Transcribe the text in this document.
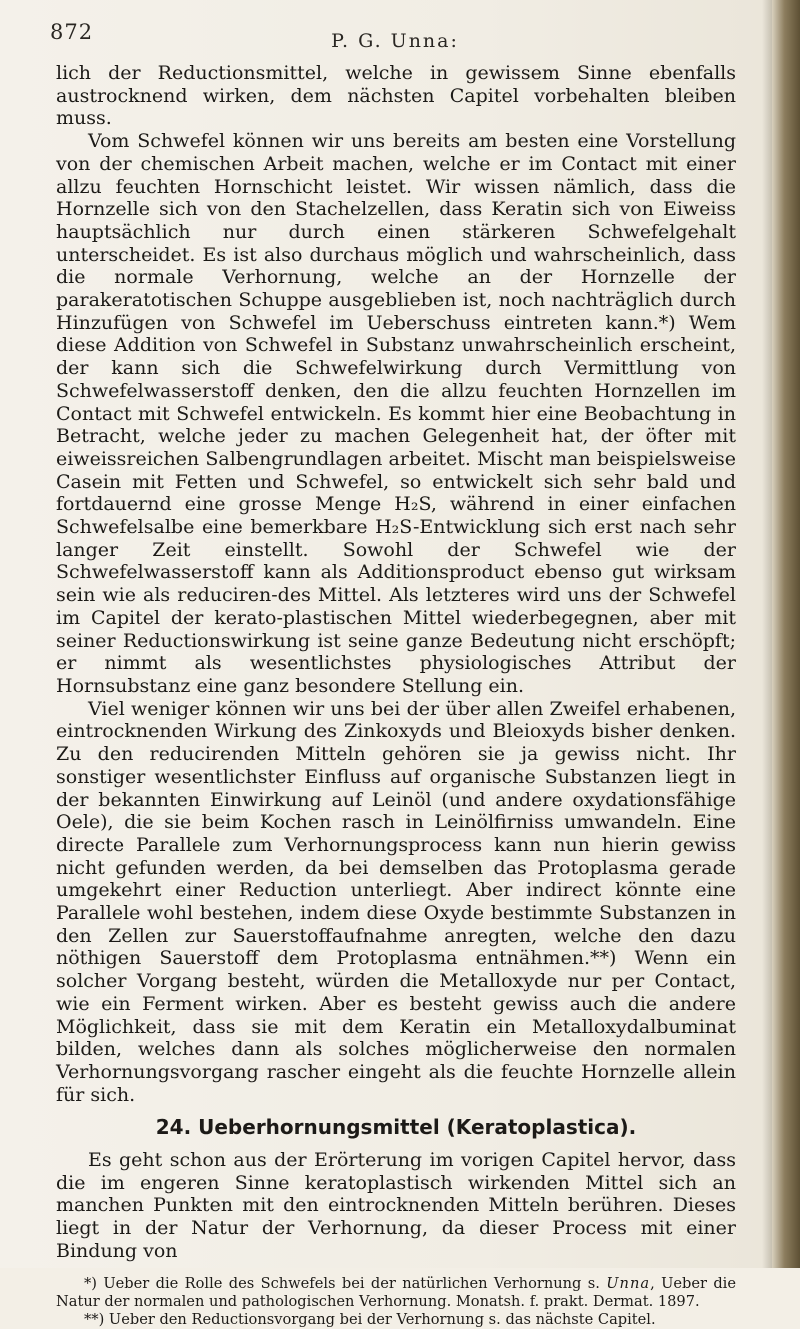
872	P. G. Unna:

lich der Reductionsmittel, welche in gewissem Sinne ebenfalls austrocknend wirken, dem nächsten Capitel vorbehalten bleiben muss.

Vom Schwefel können wir uns bereits am besten eine Vorstellung von der chemischen Arbeit machen, welche er im Contact mit einer allzu feuchten Hornschicht leistet. Wir wissen nämlich, dass die Hornzelle sich von den Stachelzellen, dass Keratin sich von Eiweiss hauptsächlich nur durch einen stärkeren Schwefelgehalt unterscheidet. Es ist also durchaus möglich und wahrscheinlich, dass die normale Verhornung, welche an der Hornzelle der parakeratotischen Schuppe ausgeblieben ist, noch nachträglich durch Hinzufügen von Schwefel im Ueberschuss eintreten kann.*) Wem diese Addition von Schwefel in Substanz unwahrscheinlich erscheint, der kann sich die Schwefelwirkung durch Vermittlung von Schwefelwasserstoff denken, den die allzu feuchten Hornzellen im Contact mit Schwefel entwickeln. Es kommt hier eine Beobachtung in Betracht, welche jeder zu machen Gelegenheit hat, der öfter mit eiweissreichen Salbengrundlagen arbeitet. Mischt man beispielsweise Casein mit Fetten und Schwefel, so entwickelt sich sehr bald und fortdauernd eine grosse Menge H₂S, während in einer einfachen Schwefelsalbe eine bemerkbare H₂S-Entwicklung sich erst nach sehr langer Zeit einstellt. Sowohl der Schwefel wie der Schwefelwasserstoff kann als Additionsproduct ebenso gut wirksam sein wie als reduciren-des Mittel. Als letzteres wird uns der Schwefel im Capitel der kerato-plastischen Mittel wiederbegegnen, aber mit seiner Reductionswirkung ist seine ganze Bedeutung nicht erschöpft; er nimmt als wesentlichstes physiologisches Attribut der Hornsubstanz eine ganz besondere Stellung ein.

Viel weniger können wir uns bei der über allen Zweifel erhabenen, eintrocknenden Wirkung des Zinkoxyds und Bleioxyds bisher denken. Zu den reducirenden Mitteln gehören sie ja gewiss nicht. Ihr sonstiger wesentlichster Einfluss auf organische Substanzen liegt in der bekannten Einwirkung auf Leinöl (und andere oxydationsfähige Oele), die sie beim Kochen rasch in Leinölfirniss umwandeln. Eine directe Parallele zum Verhornungsprocess kann nun hierin gewiss nicht gefunden werden, da bei demselben das Protoplasma gerade umgekehrt einer Reduction unterliegt. Aber indirect könnte eine Parallele wohl bestehen, indem diese Oxyde bestimmte Substanzen in den Zellen zur Sauerstoffaufnahme anregten, welche den dazu nöthigen Sauerstoff dem Protoplasma entnähmen.**) Wenn ein solcher Vorgang besteht, würden die Metalloxyde nur per Contact, wie ein Ferment wirken. Aber es besteht gewiss auch die andere Möglichkeit, dass sie mit dem Keratin ein Metalloxydalbuminat bilden, welches dann als solches möglicherweise den normalen Verhornungsvorgang rascher eingeht als die feuchte Hornzelle allein für sich.

24. Ueberhornungsmittel (Keratoplastica).

Es geht schon aus der Erörterung im vorigen Capitel hervor, dass die im engeren Sinne keratoplastisch wirkenden Mittel sich an manchen Punkten mit den eintrocknenden Mitteln berühren. Dieses liegt in der Natur der Verhornung, da dieser Process mit einer Bindung von

*) Ueber die Rolle des Schwefels bei der natürlichen Verhornung s. Unna, Ueber die Natur der normalen und pathologischen Verhornung. Monatsh. f. prakt. Dermat. 1897.

**) Ueber den Reductionsvorgang bei der Verhornung s. das nächste Capitel.
